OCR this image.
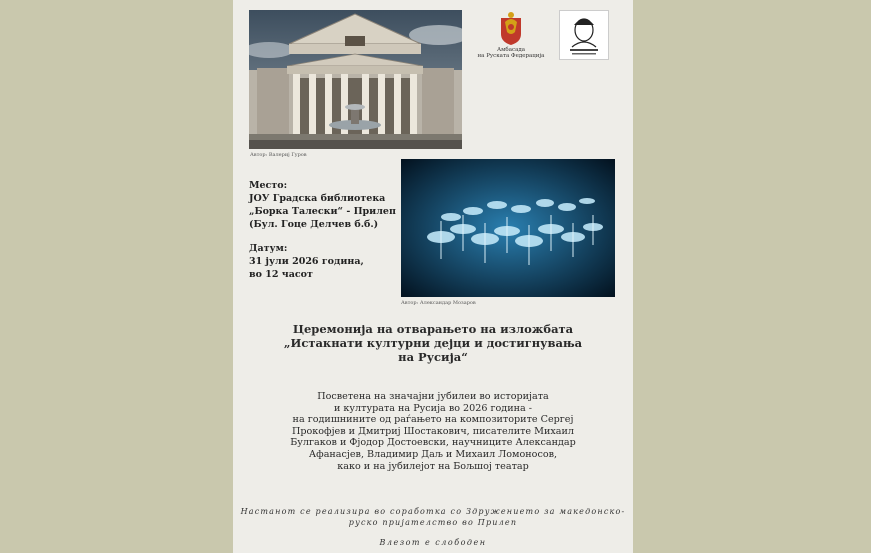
Автор: Валериј Гуров
Амбасада
на Руската Федерација
Место:
ЈОУ Градска библиотека
„Борка Талески“ - Прилеп
(Бул. Гоце Делчев б.б.)
Датум:
31 јули 2026 година,
во 12 часот
Автор: Александар Мозаров
Церемонија на отварањето на изложбата
„Истакнати културни дејци и достигнувања
на Русија“
Посветена на значајни јубилеи во историјата
и културата на Русија во 2026 година -
на годишнините од раѓањето на композиторите Сергеј
Прокофјев и Дмитриј Шостакович, писателите Михаил
Булгаков и Фјодор Достоевски, научниците Александар
Афанасјев, Владимир Даљ и Михаил Ломоносов,
како и на јубилејот на Бољшој театар
Настанот се реализира во соработка со Здружението за македонско-
руско пријателство во Прилеп
Влезот е слободен
